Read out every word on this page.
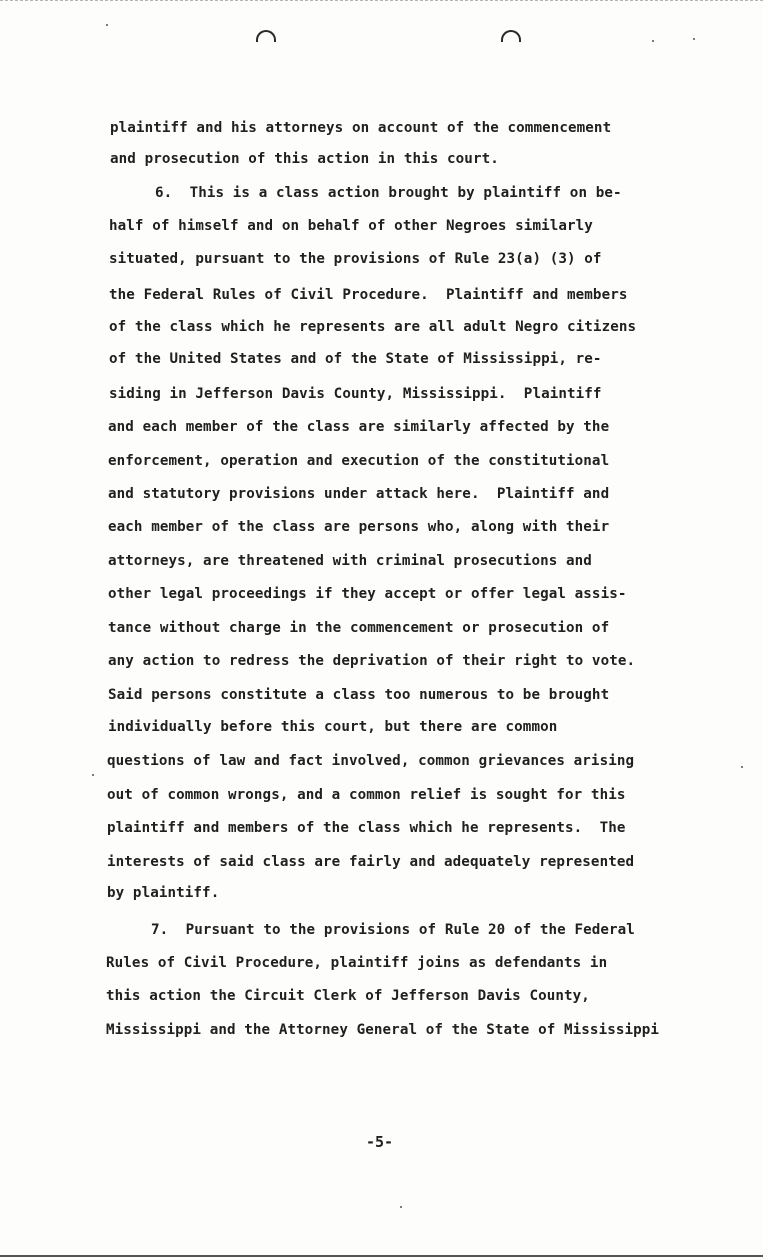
plaintiff and his attorneys on account of the commencement
and prosecution of this action in this court.
6.  This is a class action brought by plaintiff on be-
half of himself and on behalf of other Negroes similarly
situated, pursuant to the provisions of Rule 23(a) (3) of
the Federal Rules of Civil Procedure.  Plaintiff and members
of the class which he represents are all adult Negro citizens
of the United States and of the State of Mississippi, re-
siding in Jefferson Davis County, Mississippi.  Plaintiff
and each member of the class are similarly affected by the
enforcement, operation and execution of the constitutional
and statutory provisions under attack here.  Plaintiff and
each member of the class are persons who, along with their
attorneys, are threatened with criminal prosecutions and
other legal proceedings if they accept or offer legal assis-
tance without charge in the commencement or prosecution of
any action to redress the deprivation of their right to vote.
Said persons constitute a class too numerous to be brought
individually before this court, but there are common
questions of law and fact involved, common grievances arising
out of common wrongs, and a common relief is sought for this
plaintiff and members of the class which he represents.  The
interests of said class are fairly and adequately represented
by plaintiff.
7.  Pursuant to the provisions of Rule 20 of the Federal
Rules of Civil Procedure, plaintiff joins as defendants in
this action the Circuit Clerk of Jefferson Davis County,
Mississippi and the Attorney General of the State of Mississippi
-5-
